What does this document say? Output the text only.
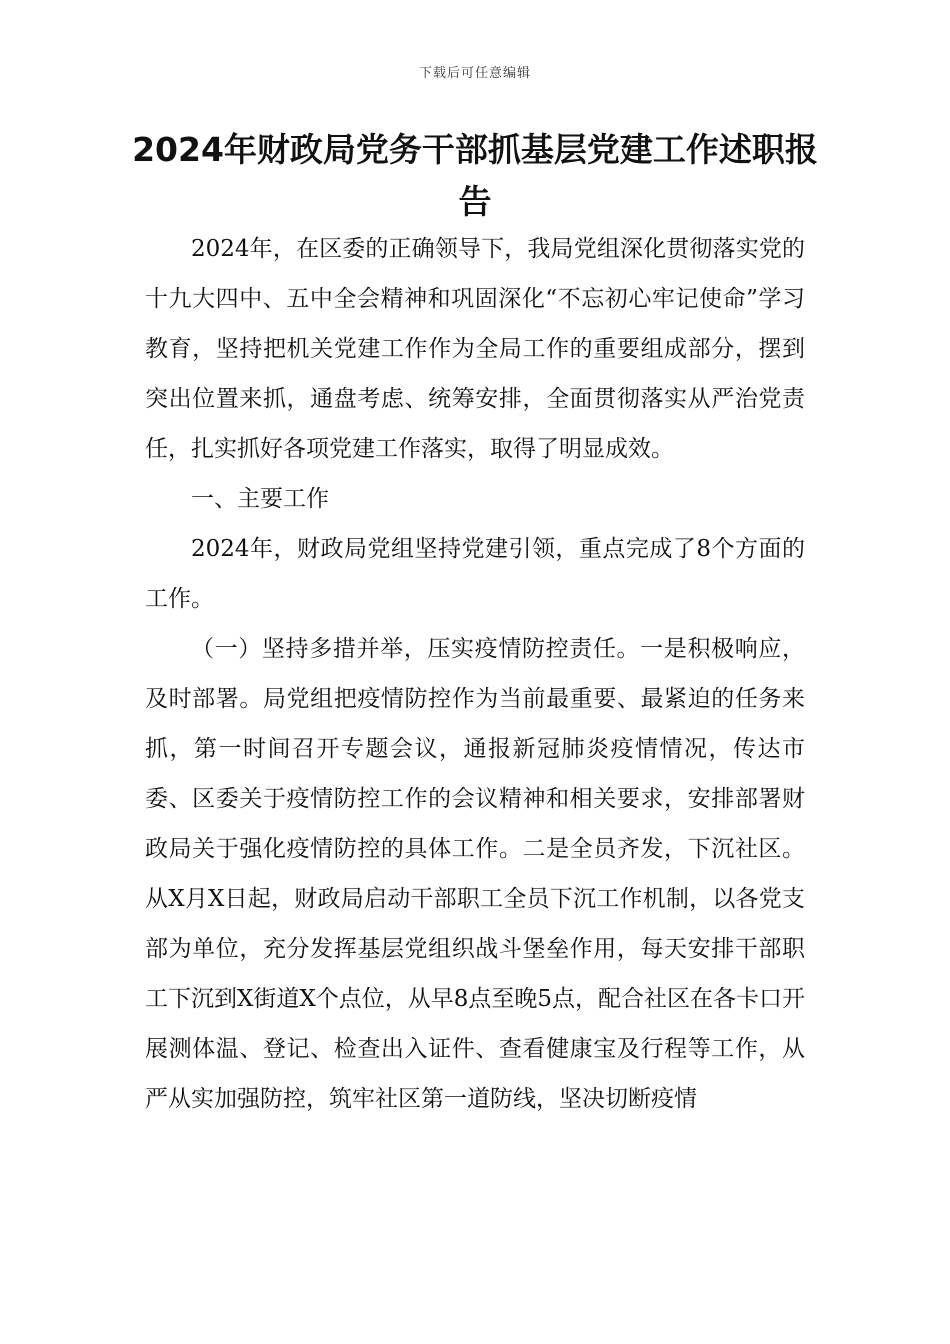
下载后可任意编辑
2024年财政局党务干部抓基层党建工作述职报告

2024年，在区委的正确领导下，我局党组深化贯彻落实党的十九大四中、五中全会精神和巩固深化“不忘初心牢记使命”学习教育，坚持把机关党建工作作为全局工作的重要组成部分，摆到突出位置来抓，通盘考虑、统筹安排，全面贯彻落实从严治党责任，扎实抓好各项党建工作落实，取得了明显成效。

一、主要工作

2024年，财政局党组坚持党建引领，重点完成了8个方面的工作。

（一）坚持多措并举，压实疫情防控责任。一是积极响应，及时部署。局党组把疫情防控作为当前最重要、最紧迫的任务来抓，第一时间召开专题会议，通报新冠肺炎疫情情况，传达市委、区委关于疫情防控工作的会议精神和相关要求，安排部署财政局关于强化疫情防控的具体工作。二是全员齐发，下沉社区。从X月X日起，财政局启动干部职工全员下沉工作机制，以各党支部为单位，充分发挥基层党组织战斗堡垒作用，每天安排干部职工下沉到X街道X个点位，从早8点至晚5点，配合社区在各卡口开展测体温、登记、检查出入证件、查看健康宝及行程等工作，从严从实加强防控，筑牢社区第一道防线，坚决切断疫情
